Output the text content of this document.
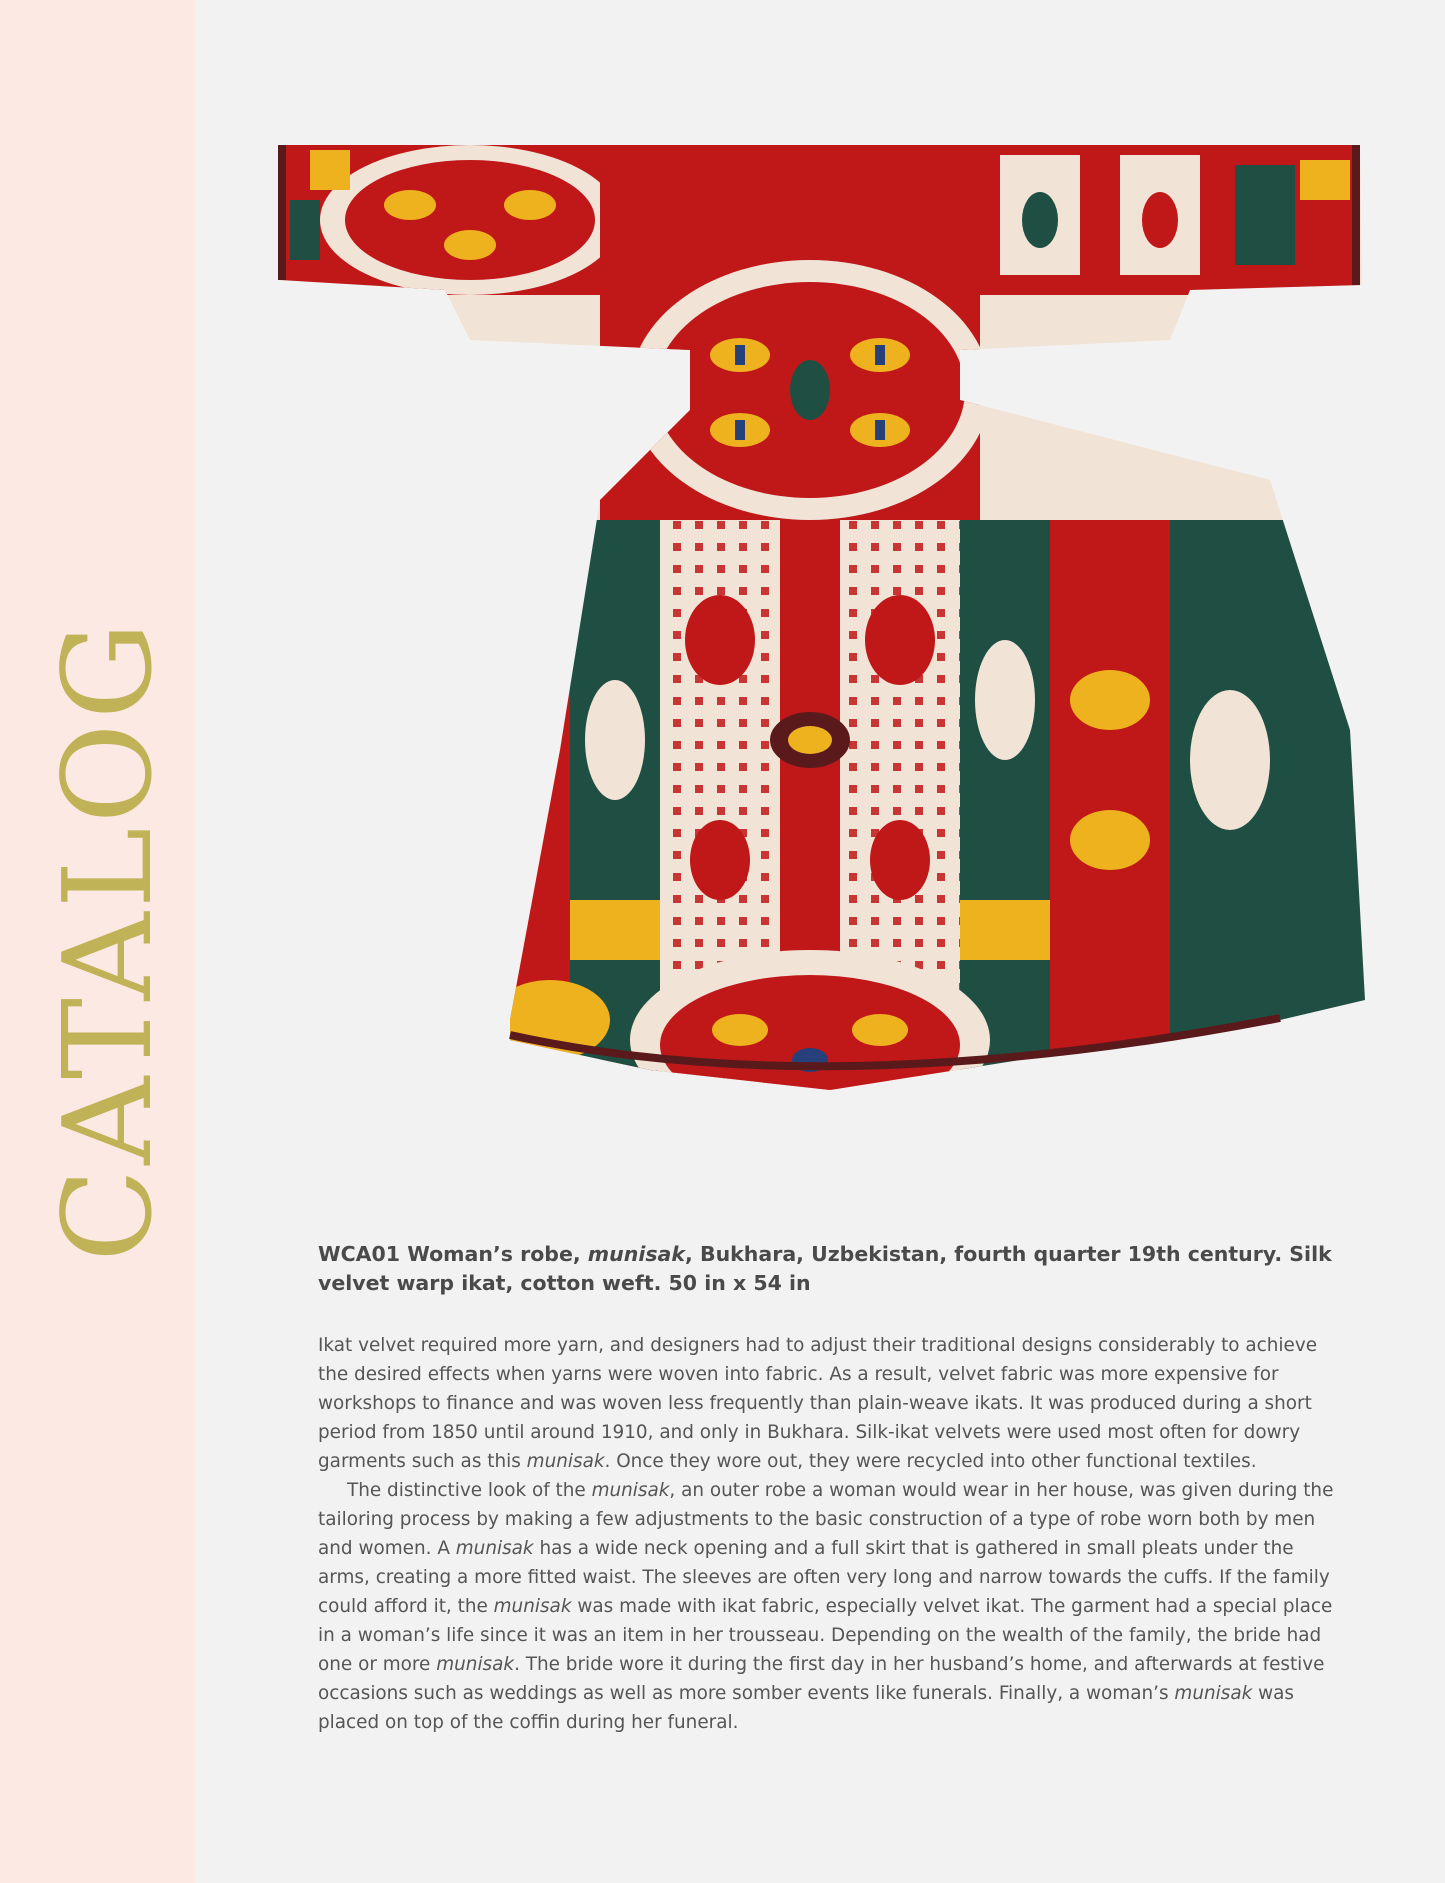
CATALOG	WCA01 Woman’s robe, munisak, Bukhara, Uzbekistan, fourth quarter 19th century. Silk velvet warp ikat, cotton weft. 50 in x 54 in

Ikat velvet required more yarn, and designers had to adjust their traditional designs considerably to achieve the desired effects when yarns were woven into fabric. As a result, velvet fabric was more expensive for workshops to finance and was woven less frequently than plain-weave ikats. It was produced during a short period from 1850 until around 1910, and only in Bukhara. Silk-ikat velvets were used most often for dowry garments such as this munisak. Once they wore out, they were recycled into other functional textiles.

The distinctive look of the munisak, an outer robe a woman would wear in her house, was given during the tailoring process by making a few adjustments to the basic construction of a type of robe worn both by men and women. A munisak has a wide neck opening and a full skirt that is gathered in small pleats under the arms, creating a more fitted waist. The sleeves are often very long and narrow towards the cuffs. If the family could afford it, the munisak was made with ikat fabric, especially velvet ikat. The garment had a special place in a woman’s life since it was an item in her trousseau. Depending on the wealth of the family, the bride had one or more munisak. The bride wore it during the first day in her husband’s home, and afterwards at festive occasions such as weddings as well as more somber events like funerals. Finally, a woman’s munisak was placed on top of the coffin during her funeral.
